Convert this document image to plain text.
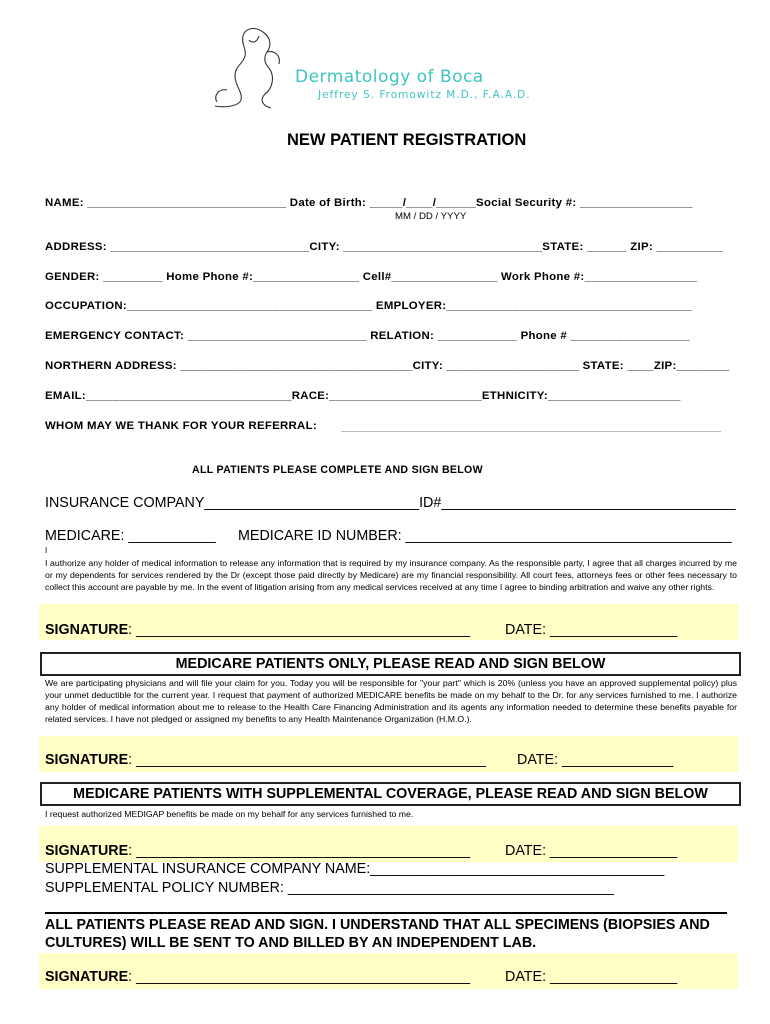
Dermatology of Boca
Jeffrey S. Fromowitz M.D., F.A.A.D.
NEW PATIENT REGISTRATION
NAME: ______________________________ Date of Birth: _____/____/______Social Security #: _________________
MM / DD / YYYY
ADDRESS: ______________________________CITY: ______________________________STATE: ______ ZIP: __________
GENDER: _________ Home Phone #:________________ Cell#________________ Work Phone #:_________________
OCCUPATION:_____________________________________ EMPLOYER:_____________________________________
EMERGENCY CONTACT: ___________________________ RELATION: ____________ Phone # __________________
NORTHERN ADDRESS: ___________________________________CITY: ____________________ STATE: ____ZIP:________
EMAIL:_______________________________RACE:_______________________ETHNICITY:____________________
WHOM MAY WE THANK FOR YOUR REFERRAL:
ALL PATIENTS PLEASE COMPLETE AND SIGN BELOW
INSURANCE COMPANY___________________________ID#_____________________________________
MEDICARE: ___________ MEDICARE ID NUMBER: _________________________________________
I
I authorize any holder of medical information to release any information that is required by my insurance company. As the responsible party, I agree that all charges incurred by me or my dependents for services rendered by the Dr (except those paid directly by Medicare) are my financial responsibility. All court fees, attorneys fees or other fees necessary to collect this account are payable by me. In the event of litigation arising from any medical services received at any time I agree to binding arbitration and waive any other rights.
SIGNATURE: __________________________________________ DATE: ________________
MEDICARE PATIENTS ONLY, PLEASE READ AND SIGN BELOW
We are participating physicians and will file your claim for you. Today you will be responsible for "your part" which is 20% (unless you have an approved supplemental policy) plus your unmet deductible for the current year. I request that payment of authorized MEDICARE benefits be made on my behalf to the Dr. for any services furnished to me. I authorize any holder of medical information about me to release to the Health Care Financing Administration and its agents any information needed to determine these benefits payable for related services. I have not pledged or assigned my benefits to any Health Maintenance Organization (H.M.O.).
SIGNATURE: ____________________________________________ DATE: ______________
MEDICARE PATIENTS WITH SUPPLEMENTAL COVERAGE, PLEASE READ AND SIGN BELOW
I request authorized MEDIGAP benefits be made on my behalf for any services furnished to me.
SIGNATURE: __________________________________________ DATE: ________________
SUPPLEMENTAL INSURANCE COMPANY NAME:_____________________________________
SUPPLEMENTAL POLICY NUMBER: _________________________________________
ALL PATIENTS PLEASE READ AND SIGN. I UNDERSTAND THAT ALL SPECIMENS (BIOPSIES AND CULTURES) WILL BE SENT TO AND BILLED BY AN INDEPENDENT LAB.
SIGNATURE: __________________________________________ DATE: ________________
